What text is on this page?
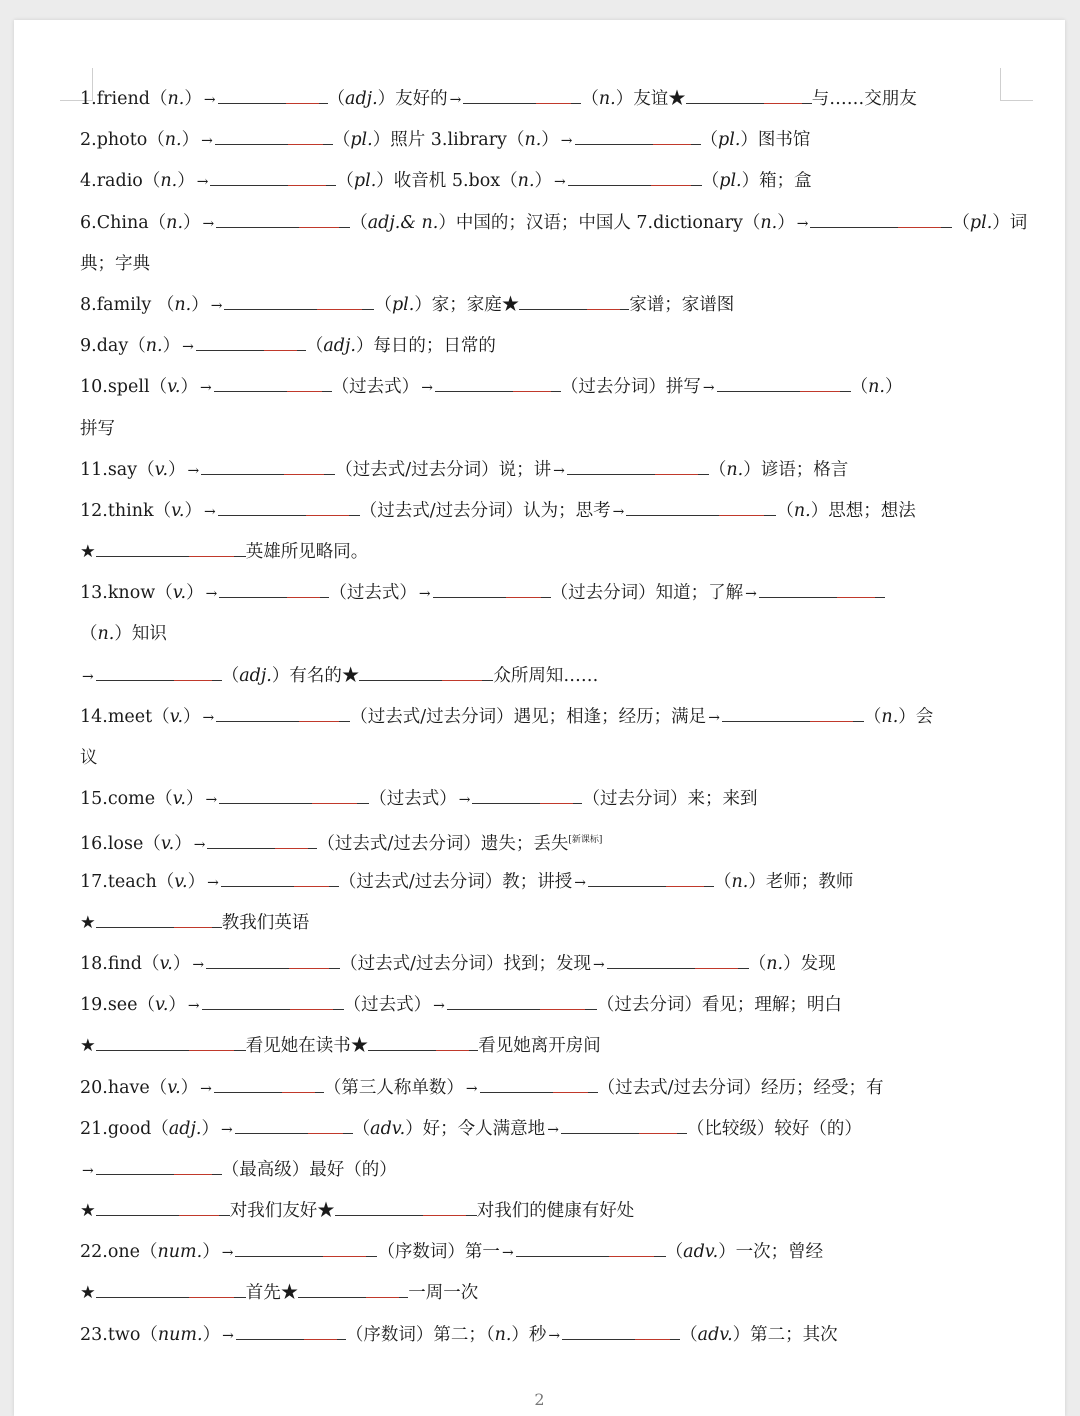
1.friend（n.） →	（adj.）友好的 →	（n.）友谊★	与……交朋友
2.photo（n.） →	（pl.）照片 3.library（n.） →	（pl.）图书馆
4.radio（n.） →	（pl.）收音机 5.box（n.） →	（pl.）箱；盒
6.China（n.） →	（adj.& n.）中国的；汉语；中国人 7.dictionary（n.） →	（pl.）词
典；字典
8.family （n.） →	（pl.）家；家庭★	家谱；家谱图
9.day（n.） →	（adj.）每日的；日常的
10.spell（v.） →	（过去式） →	（过去分词）拼写 →	（n.）
拼写
11.say（v.） →	（过去式/过去分词）说；讲 →	（n.）谚语；格言
12.think（v.） →	（过去式/过去分词）认为；思考 →	（n.）思想；想法
★	英雄所见略同。
13.know（v.） →	（过去式） →	（过去分词）知道；了解 →
（n.）知识
→	（adj.）有名的★	众所周知……
14.meet（v.） →	（过去式/过去分词）遇见；相逢；经历；满足 →	（n.）会
议
15.come（v.） →	（过去式） →	（过去分词）来；来到
16.lose（v.） →	（过去式/过去分词）遗失；丢失[新课标]
17.teach（v.） →	（过去式/过去分词）教；讲授 →	（n.）老师；教师
★	教我们英语
18.find（v.） →	（过去式/过去分词）找到；发现 →	（n.）发现
19.see（v.） →	（过去式） →	（过去分词）看见；理解；明白
★	看见她在读书★	看见她离开房间
20.have（v.） →	（第三人称单数） →	（过去式/过去分词）经历；经受；有
21.good（adj.） →	（adv.）好；令人满意地 →	（比较级）较好（的）
→	（最高级）最好（的）
★	对我们友好★	对我们的健康有好处
22.one（num.） →	（序数词）第一 →	（adv.）一次；曾经
★	首先★	一周一次
23.two（num.） →	（序数词）第二；（n.）秒 →	（adv.）第二；其次
2
